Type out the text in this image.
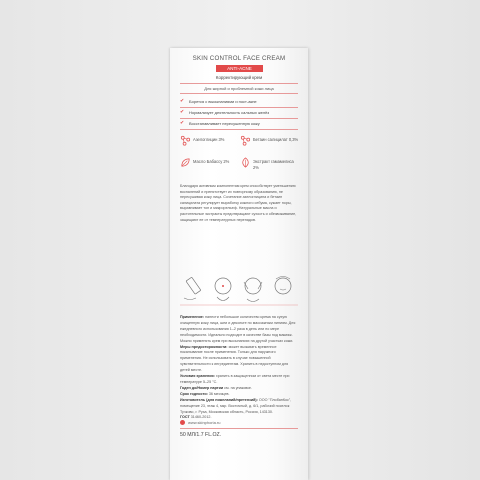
SKIN CONTROL FACE CREAM
ANTI-ACNE
Корректирующий крем
Для жирной и проблемной кожи лица
✔ Борется с высыпаниями и пост-акне
✔ Нормализует деятельность сальных желёз
✔ Восстанавливает пересушенную кожу
Азелоглицин 3%	Бетаин салицилат 0,3%
Масло Бабассу 2%	Экстракт гамамелиса 2%
Благодаря активным компонентам крем способствует уменьшению воспалений и препятствует их повторному образованию, не пересушивая кожу лица. Сочетание азелоглицина и бетаин салицилата регулирует выработку кожного себума, сужает поры, выравнивает тон и микрорельеф. Натуральные масла и растительные экстракты предотвращают сухость и обезвоживание, защищают ее от температурных перепадов.
Применение: нанести небольшое количество крема на сухую очищенную кожу лица, шеи и декольте по массажным линиям. Для ежедневного использования 1–2 раза в день или по мере необходимости. Идеально подходит в качестве базы под макияж. Можно применять крем при высыпаниях на другой участках кожи.
Меры предосторожности: может вызывать временное покалывание после применения. Только для наружного применения. Не использовать в случае повышенной чувствительности к ингредиентам. Хранить в недоступном для детей месте.
Условия хранения: хранить в защищенном от света месте при температуре 5–25 °С.
Годен до/Номер партии см. на упаковке.
Срок годности: 36 месяцев.
Изготовитель (для пожеланий/претензий): ООО "ПлобанКос", помещение 23, этаж 4, мкр. Восточный, д. 6/1, рабочий поселок Тучково, г. Руза, Московская область, Россия, 143130.
ГОСТ 31460-2012.
www.skinphoria.ru
50 МЛ/1.7 FL.OZ.
